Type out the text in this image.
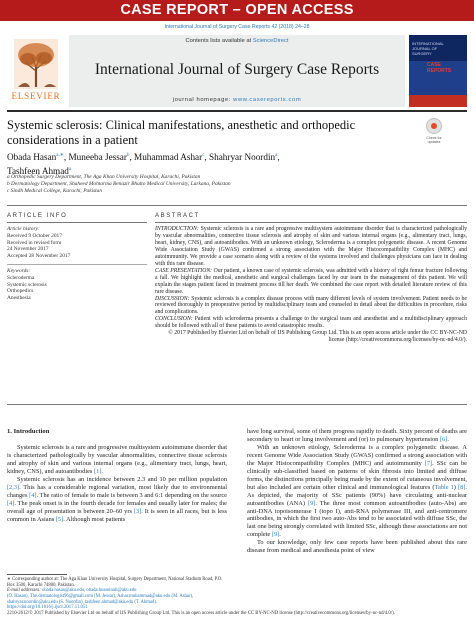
CASE REPORT – OPEN ACCESS
International Journal of Surgery Case Reports 42 (2018) 24–28
ELSEVIER
Contents lists available at ScienceDirect
International Journal of Surgery Case Reports
journal homepage: www.casereports.com
INTERNATIONAL
JOURNAL OF
SURGERY
CASE
REPORTS
Systemic sclerosis: Clinical manifestations, anesthetic and orthopedic
considerations in a patient	Check for
updates
Obada Hasan$^{a,∗}$, Muneeba Jessar$^b$, Muhammad Ashar$^c$, Shahryar Noordin$^a$,
Tashfeen Ahmad$^a$
a Orthopedic Surgery Department, The Aga Khan University Hospital, Karachi, Pakistan
b Dermatology Department, Shaheed Mohtarma Benazir Bhutto Medical University, Larkana, Pakistan
c Sindh Medical College, Karachi, Pakistan
ARTICLE INFO	ABSTRACT
Article history:
Received 9 October 2017
Received in revised form
24 November 2017
Accepted 28 November 2017
Keywords:
Scleroderma
Systemic sclerosis
Orthopedics
Anesthesia

INTRODUCTION: Systemic sclerosis is a rare and progressive multisystem autoimmune disorder that is characterized pathologically by vascular abnormalities, connective tissue sclerosis and atrophy of skin and various internal organs (e.g., alimentary tract, lungs, heart, kidney, CNS), and autoantibodies. With an unknown etiology, Scleroderma is a complex polygenetic disease. A recent Genome Wide Association Study (GWAS) confirmed a strong association with the Major Histocompatibility Complex (MHC) and autoimmunity. We provide a case scenario along with a review of the systems involved and challenges physicians can face in dealing with this rare disease.

CASE PRESENTATION: Our patient, a known case of systemic sclerosis, was admitted with a history of right femur fracture following a fall. We highlight the medical, anesthetic and surgical challenges faced by our team in the management of this patient. We will explain the stages patient faced in treatment process till her death. We combined the case report with detailed literature review of this rare disease.

DISCUSSION: Systemic sclerosis is a complex disease process with many different levels of system involvement. Patient needs to be reviewed thoroughly in preoperative period by multidisciplinary team and counseled in detail about the difficulties in procedure, risks and complications.

CONCLUSION: Patient with scleroderma presents a challenge to the surgical team and anesthetist and a multidisciplinary approach should be followed with all of these patients to avoid catastrophic results.

© 2017 Published by Elsevier Ltd on behalf of IJS Publishing Group Ltd. This is an open access article under the CC BY-NC-ND license (http://creativecommons.org/licenses/by-nc-nd/4.0/).

1. Introduction

Systemic sclerosis is a rare and progressive multisystem autoimmune disorder that is characterized pathologically by vascular abnormalities, connective tissue sclerosis and atrophy of skin and various internal organs (e.g., alimentary tract, lungs, heart, kidney, CNS), and autoantibodies [1].

Systemic sclerosis has an incidence between 2.3 and 10 per million population [2,3]. This has a considerable regional variation, most likely due to environmental changes [4]. The ratio of female to male is between 3 and 6:1 depending on the source [4]. The peak onset is in the fourth decade for females and usually later for males; the overall age of presentation is between 20–60 yrs [3]. It is seen in all races, but is less common in Asians [5]. Although most patients

have long survival, some of them progress rapidly to death. Sixty percent of deaths are secondary to heart or lung involvement and (or) to pulmonary hypertension [6].

With an unknown etiology, Scleroderma is a complex polygenetic disease. A recent Genome Wide Association Study (GWAS) confirmed a strong association with the Major Histocompatibility Complex (MHC) and autoimmunity [7]. SSc can be clinically sub-classified based on patterns of skin fibrosis into limited and diffuse forms, the distinctions principally being made by the extent of cutaneous involvement, but also included are certain other clinical and immunological features (Table 1) [8]. As depicted, the majority of SSc patients (90%) have circulating anti-nuclear autoantibodies (ANA) [9]. The three most common autoantibodies (auto-Abs) are anti-DNA topoisomerase I (topo I), anti-RNA polymerase III, and anti-centromere antibodies, in which the first two auto-Abs tend to be associated with diffuse SSc, the last one being strongly correlated with limited SSc, although these associations are not complete [9].

To our knowledge, only few case reports have been published about this rare disease from medical and anesthesia point of view

∗ Corresponding author at: The Aga Khan University Hospital, Surgery Department, National Stadium Road, P.O. Box 3500, Karachi 74800, Pakistan.
E-mail addresses: obada.hasan@aku.edu, obada.husseinali@aku.edu
(O. Hasan), The.dermatologist96@gmail.com (M. Jessar), Ashar.muhammad@aku.edu (M. Ashar), shahryar.noordin@aku.edu (S. Noordin), tashfeen.ahmad@aku.edu (T. Ahmad).
https://doi.org/10.1016/j.ijscr.2017.11.051
2210-2612/© 2017 Published by Elsevier Ltd on behalf of IJS Publishing Group Ltd. This is an open access article under the CC BY-NC-ND license (http://creativecommons.org/licenses/by-nc-nd/4.0/).
